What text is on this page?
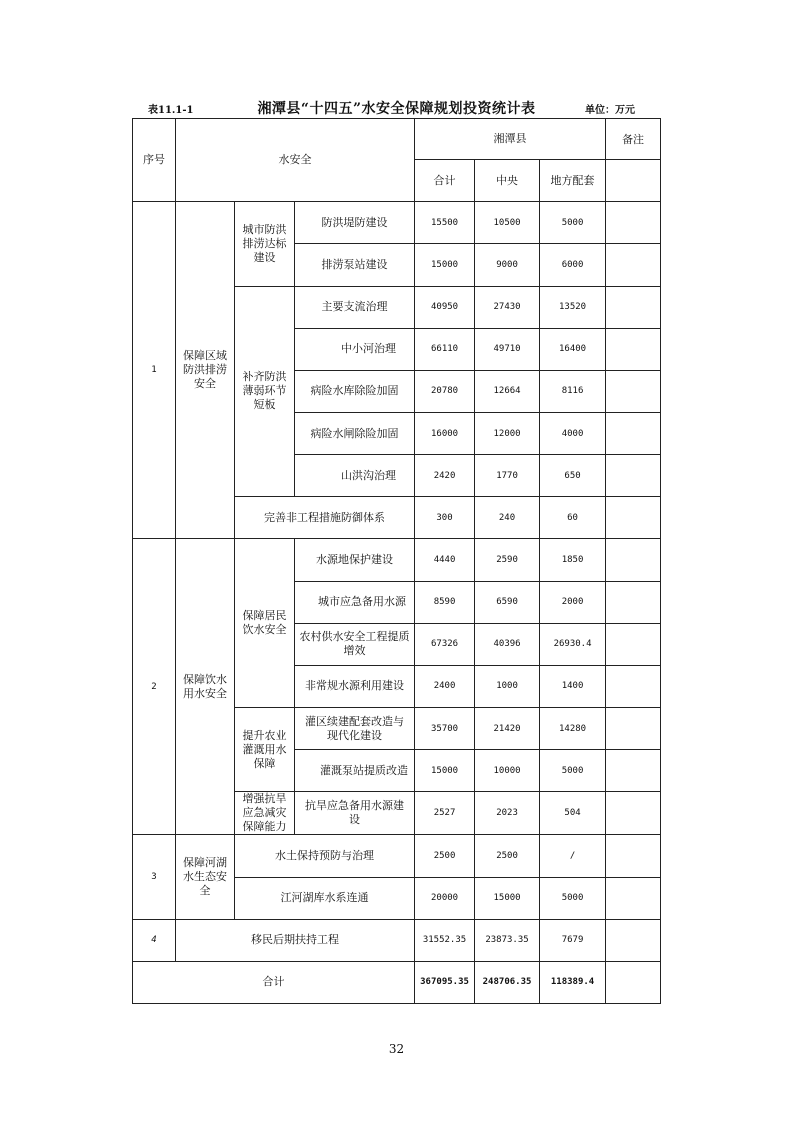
表11.1-1	湘潭县“十四五”水安全保障规划投资统计表	单位：万元
序号	水安全			湘潭县			备注
				合计	中央	地方配套	
1	保障区域防洪排涝安全	城市防洪排涝达标建设	防洪堤防建设	15500	10500	5000	
			排涝泵站建设	15000	9000	6000	
		补齐防洪薄弱环节短板	主要支流治理	40950	27430	13520	
			中小河治理	66110	49710	16400	
			病险水库除险加固	20780	12664	8116	
			病险水闸除险加固	16000	12000	4000	
			山洪沟治理	2420	1770	650	
		完善非工程措施防御体系		300	240	60	
2	保障饮水用水安全	保障居民饮水安全	水源地保护建设	4440	2590	1850	
			城市应急备用水源	8590	6590	2000	
			农村供水安全工程提质增效	67326	40396	26930.4	
			非常规水源利用建设	2400	1000	1400	
		提升农业灌溉用水保障	灌区续建配套改造与现代化建设	35700	21420	14280	
			灌溉泵站提质改造	15000	10000	5000	
		增强抗旱应急减灾保障能力	抗旱应急备用水源建设	2527	2023	504	
3	保障河湖水生态安全	水土保持预防与治理		2500	2500	/	
		江河湖库水系连通		20000	15000	5000	
4	移民后期扶持工程			31552.35	23873.35	7679	
合计				367095.35	248706.35	118389.4	
32
